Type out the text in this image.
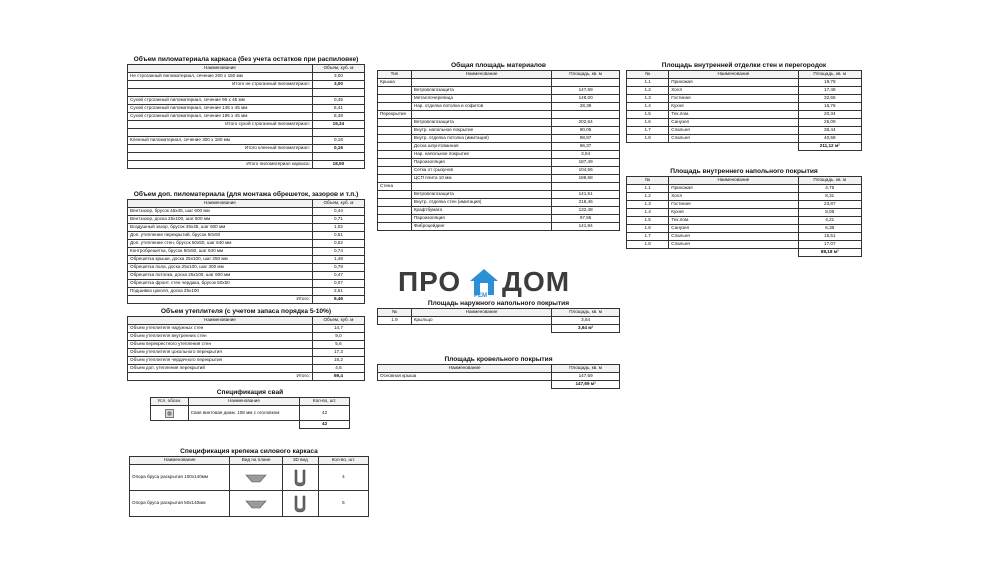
Объем пиломатериала каркаса (без учета остатков при распиловке)
Наименование	Объем, куб. м
Не строганный пиломатериал, сечение 200 х 150 мм	3,00
Итого не строганный пиломатериал:	3,00

Сухой строганный пиломатериал, сечение 95 х 45 мм	0,45
Сухой строганный пиломатериал, сечение 145 х 45 мм	6,41
Сухой строганный пиломатериал, сечение 195 х 45 мм	8,48
Итого сухой строганный пиломатериал:	15,34

Клееный пиломатериал, сечение 300 х 180 мм	0,16
Итого клееный пиломатериал:	0,16

Итого пиломатериал каркаса:	18,50
Объем доп. пиломатериала (для монтажа обрешеток, зазоров и т.п.)
Наименование	Объем, куб. м
Вентзазор, брусок 45х45, шаг 600 мм	0,44
Вентзазор, доска 25х100, шаг 600 мм	0,71
Воздушный зазор, брусок 45х45, шаг 600 мм	1,02
Доп. утепление перекрытий, брусок 50х50	0,51
Доп. утепление стен, брусок 50х50, шаг 640 мм	0,62
Контробрешетка, брусок 50х50, шаг 640 мм	0,74
Обрешетка крыши, доска 25х100, шаг 250 мм	1,48
Обрешетка пола, доска 25х100, шаг 300 мм	0,78
Обрешетка потолка, доска 25х100, шаг 600 мм	0,47
Обрешетка фронт. стен чердака, брусок 50х50	0,07
Подшивка цоколя, доска 25х100	2,61
Итого:	9,46
Объем утеплителя (с учетом запаса порядка 5-10%)
Наименование	Объем, куб. м
Объем утеплителя наружных стен	14,7
Объем утеплителя внутренних стен	9,0
Объем перекрестного утепления стен	5,6
Объем утеплителя цокольного перекрытия	17,3
Объем утеплителя чердачного перекрытия	18,2
Объем доп. утепления перекрытий	4,6
Итого:	69,4
Спецификация свай
Усл. обозн.	Наименование	Кол-во, шт.

	Свая винтовая диам. 108 мм с оголовком	42
		42
Спецификация крепежа силового каркаса
Наименование	Вид на плане	3D вид	Кол-во, шт.
Опора бруса раскрытая 100х140мм			4
Опора бруса раскрытая 50х140мм			5
Общая площадь материалов
Тип	Наименование	Площадь, кв. м
Крыша		
	Ветровлагозащита	147,69
	Металлочерепица	148,00
	Нар. отделка потолка и софитов	28,39
Перекрытие		
	Ветровлагозащита	202,64
	Внутр. напольное покрытие	90,05
	Внутр. отделка потолка (имитация)	88,87
	Доска шпунтованная	96,37
	Нар. напольное покрытие	3,64
	Пароизоляция	187,49
	Сетка от грызунов	104,56
	ЦСП плита 10 мм	188,68
Стена		
	Ветровлагозащита	141,51
	Внутр. отделка стен (имитация)	218,46
	Крафтбумага	132,48
	Пароизоляция	97,55
	Фиброцейдинг	141,94
ПРО РЕМ ДОМ
Площадь наружного напольного покрытия
№	Наименование	Площадь, кв. м
1.9	Крыльцо	3,64
		3,64 м²
Площадь кровельного покрытия
Наименование	Площадь, кв. м
Основная крыша	147,69
	147,69 м²
Площадь внутренней отделки стен и перегородок
№	Наименование	Площадь, кв. м
1.1	Прихожая	19,78
1.2	Холл	17,48
1.3	Гостиная	32,65
1.4	Кухня	16,76
1.5	Тех.пом.	20,34
1.6	Санузел	25,09
1.7	Спальня	38,44
1.8	Спальня	40,58
		211,12 м²
Площадь внутреннего напольного покрытия
№	Наименование	Площадь, кв. м
1.1	Прихожая	4,75
1.2	Холл	8,31
1.3	Гостиная	23,87
1.4	Кухня	8,08
1.5	Тех.пом.	4,21
1.6	Санузел	6,38
1.7	Спальня	15,51
1.8	Спальня	17,07
		88,18 м²
